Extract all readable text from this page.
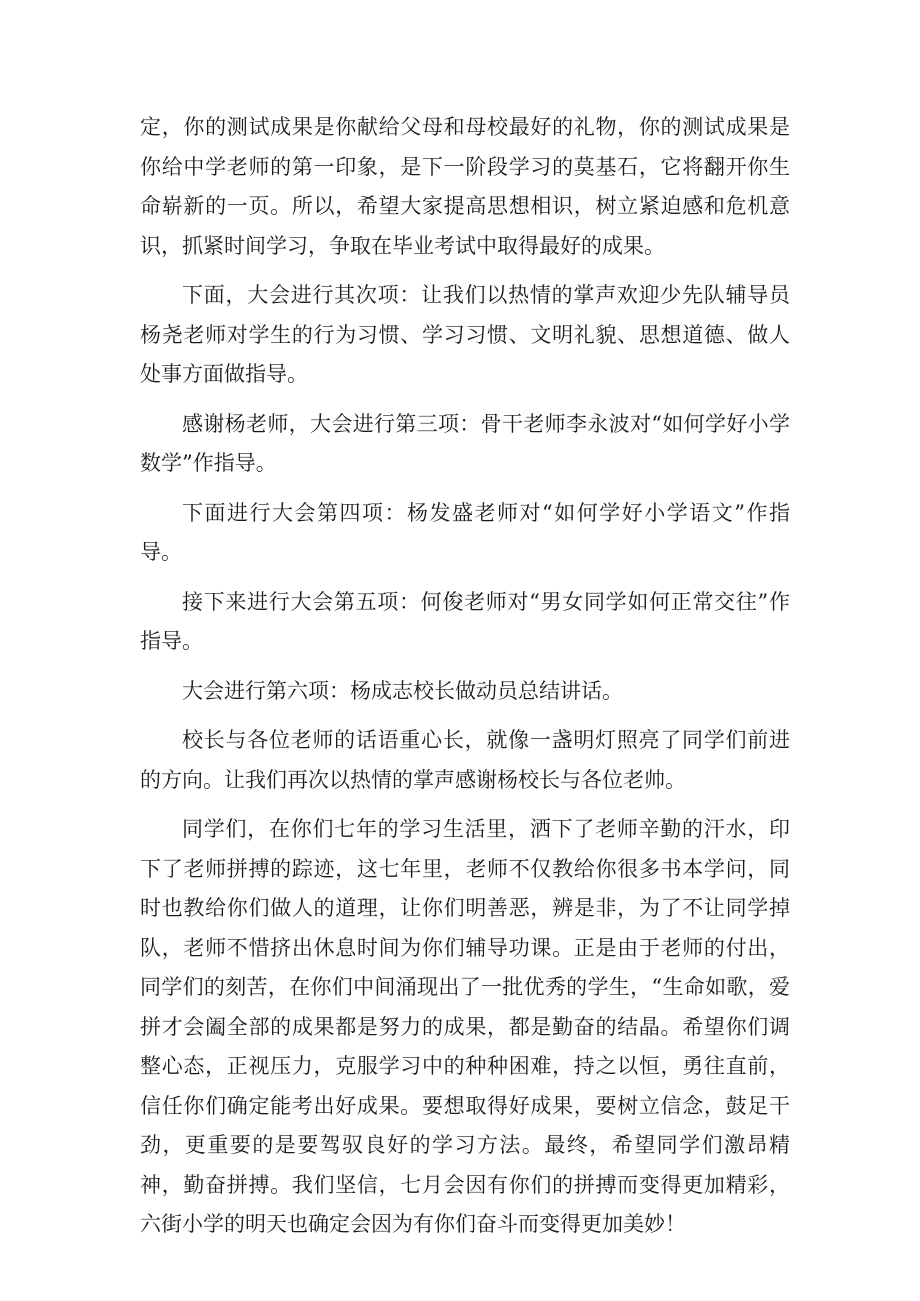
定，你的测试成果是你献给父母和母校最好的礼物，你的测试成果是你给中学老师的第一印象，是下一阶段学习的莫基石，它将翻开你生命崭新的一页。所以，希望大家提高思想相识，树立紧迫感和危机意识，抓紧时间学习，争取在毕业考试中取得最好的成果。

下面，大会进行其次项：让我们以热情的掌声欢迎少先队辅导员杨尧老师对学生的行为习惯、学习习惯、文明礼貌、思想道德、做人处事方面做指导。

感谢杨老师，大会进行第三项：骨干老师李永波对“如何学好小学数学”作指导。

下面进行大会第四项：杨发盛老师对“如何学好小学语文”作指导。

接下来进行大会第五项：何俊老师对“男女同学如何正常交往”作指导。

大会进行第六项：杨成志校长做动员总结讲话。

校长与各位老师的话语重心长，就像一盏明灯照亮了同学们前进的方向。让我们再次以热情的掌声感谢杨校长与各位老帅。

同学们，在你们七年的学习生活里，洒下了老师辛勤的汗水，印下了老师拼搏的踪迹，这七年里，老师不仅教给你很多书本学问，同时也教给你们做人的道理，让你们明善恶，辨是非，为了不让同学掉队，老师不惜挤出休息时间为你们辅导功课。正是由于老师的付出，同学们的刻苦，在你们中间涌现出了一批优秀的学生，“生命如歌，爱拼才会阖全部的成果都是努力的成果，都是勤奋的结晶。希望你们调整心态，正视压力，克服学习中的种种困难，持之以恒，勇往直前，信任你们确定能考出好成果。要想取得好成果，要树立信念，鼓足干劲，更重要的是要驾驭良好的学习方法。最终，希望同学们激昂精神，勤奋拼搏。我们坚信，七月会因有你们的拼搏而变得更加精彩，六街小学的明天也确定会因为有你们奋斗而变得更加美妙！
